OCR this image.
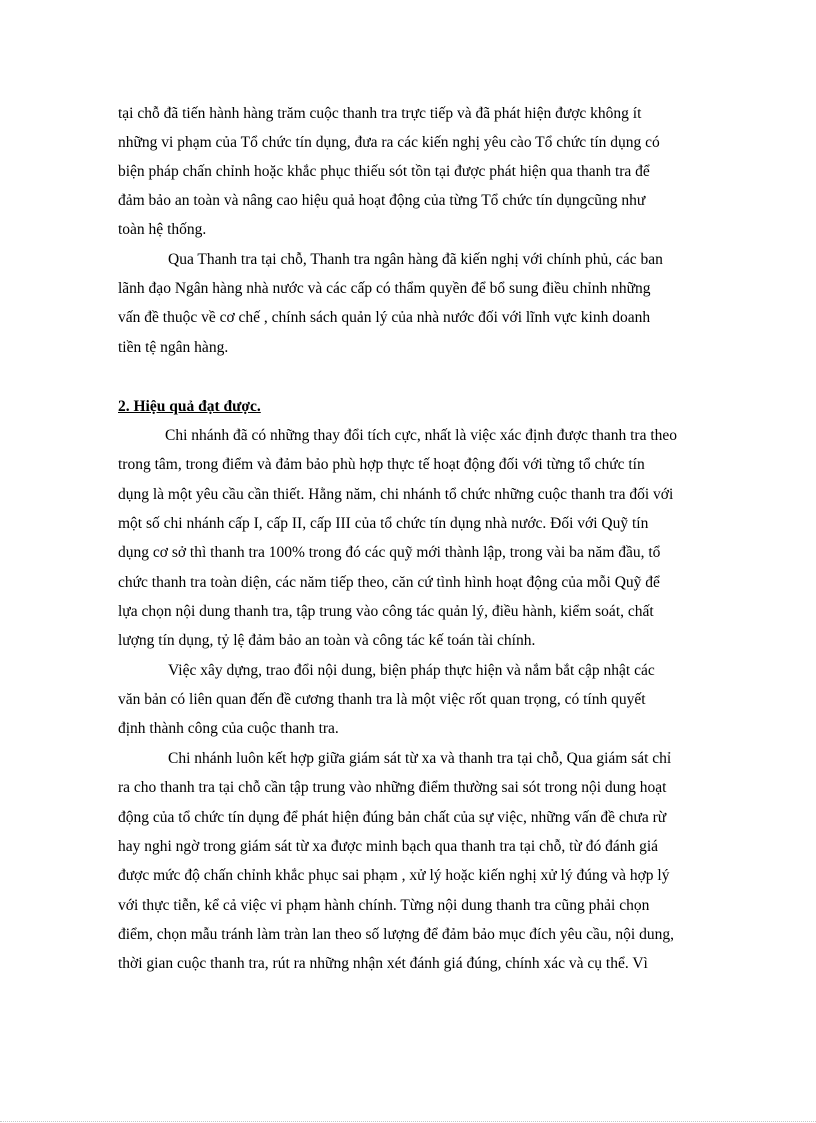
tại chỗ đã tiến hành hàng trăm cuộc thanh tra trực tiếp và đã phát hiện được không ít
những vi phạm của Tổ chức tín dụng, đưa ra các kiến nghị yêu cào Tổ chức tín dụng có
biện pháp chấn chỉnh hoặc khắc phục thiếu sót tồn tại được phát hiện qua thanh tra để
đảm bảo an toàn và nâng cao hiệu quả hoạt động của từng Tổ chức tín dụngcũng như
toàn hệ thống.
Qua Thanh tra tại chỗ, Thanh tra ngân hàng đã kiến nghị với chính phủ, các ban
lãnh đạo Ngân hàng nhà nước và các cấp có thẩm quyền để bổ sung điều chỉnh những
vấn đề thuộc về cơ chế , chính sách quản lý của nhà nước đối với lĩnh vực kinh doanh
tiền tệ ngân hàng.
2. Hiệu quả đạt được.
Chi nhánh đã có những thay đổi tích cực, nhất là việc xác định được thanh tra theo
trong tâm, trong điểm và đảm bảo phù hợp thực tế hoạt động đối với từng tổ chức tín
dụng là một yêu cầu cần thiết. Hằng năm, chi nhánh tổ chức những cuộc thanh tra đối với
một số chi nhánh cấp I, cấp II, cấp III của tổ chức tín dụng nhà nước. Đối với Quỹ tín
dụng cơ sở thì thanh tra 100% trong đó các quỹ mới thành lập, trong vài ba năm đầu, tổ
chức thanh tra toàn diện, các năm tiếp theo, căn cứ tình hình hoạt động của mỗi Quỹ để
lựa chọn nội dung thanh tra, tập trung vào công tác quản lý, điều hành, kiểm soát, chất
lượng tín dụng, tỷ lệ đảm bảo an toàn và công tác kế toán tài chính.
Việc xây dựng, trao đổi nội dung, biện pháp thực hiện và nắm bắt cập nhật các
văn bản có liên quan đến đề cương thanh tra là một việc rốt quan trọng, có tính quyết
định thành công của cuộc thanh tra.
Chi nhánh luôn kết hợp giữa giám sát từ xa và thanh tra tại chỗ, Qua giám sát chỉ
ra cho thanh tra tại chỗ cần tập trung vào những điểm thường sai sót trong nội dung hoạt
động của tổ chức tín dụng để phát hiện đúng bản chất của sự việc, những vấn đề chưa rừ
hay nghi ngờ trong giám sát từ xa được minh bạch qua thanh tra tại chỗ, từ đó đánh giá
được mức độ chấn chỉnh khắc phục sai phạm , xử lý hoặc kiến nghị xử lý đúng và hợp lý
với thực tiễn, kể cả việc vi phạm hành chính. Từng nội dung thanh tra cũng phải chọn
điểm, chọn mẫu tránh làm tràn lan theo số lượng để đảm bảo mục đích yêu cầu, nội dung,
thời gian cuộc thanh tra, rút ra những nhận xét đánh giá đúng, chính xác và cụ thể. Vì
